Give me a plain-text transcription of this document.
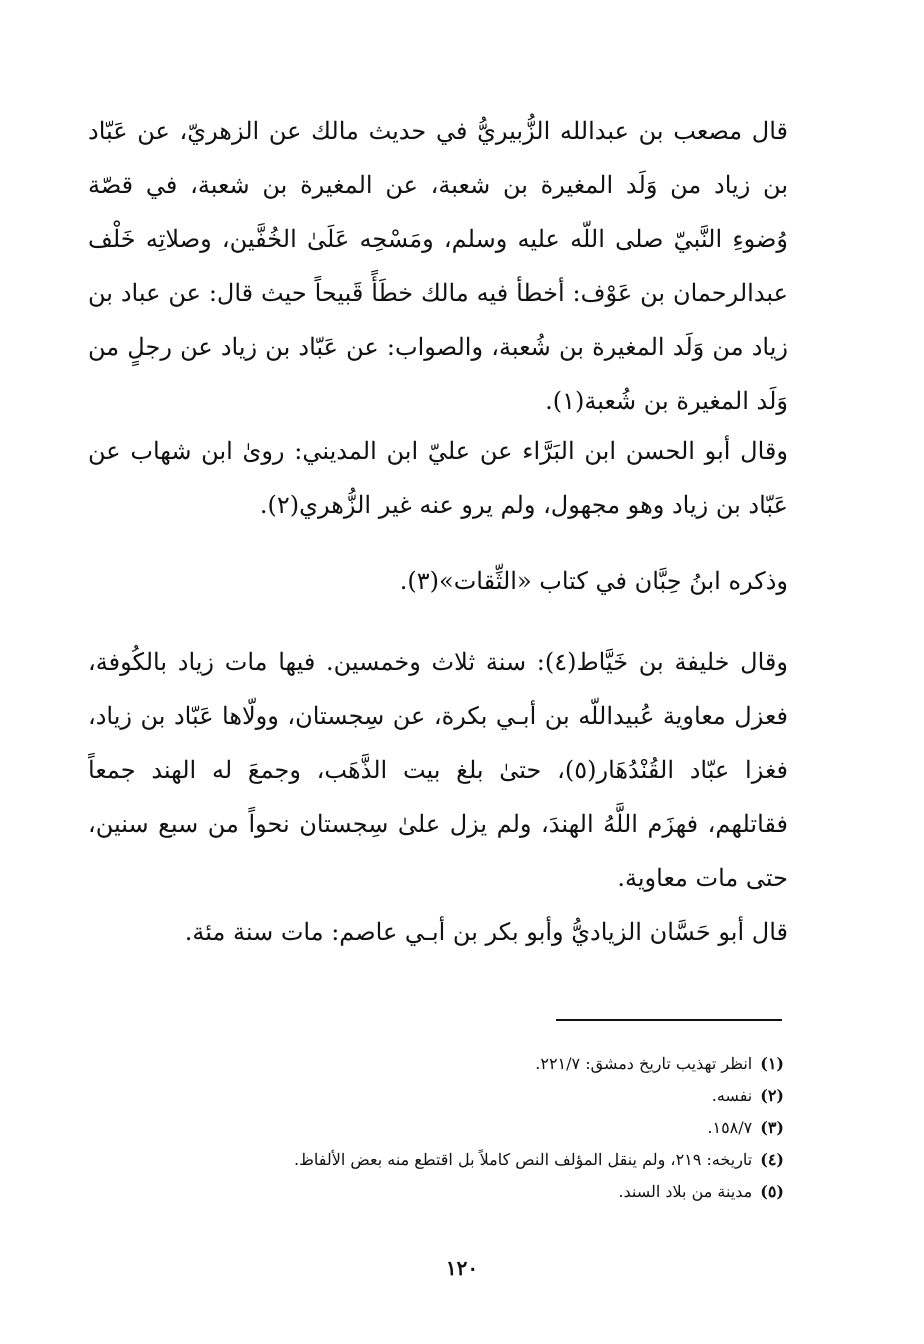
قال مصعب بن عبدالله الزُّبيريُّ في حديث مالك عن الزهريّ، عن عَبّاد بن زياد من وَلَد المغيرة بن شعبة، عن المغيرة بن شعبة، في قصّة وُضوءِ النَّبيّ صلى اللّه عليه وسلم، ومَسْحِه عَلَىٰ الخُفَّين، وصلاتِه خَلْف عبدالرحمان بن عَوْف: أخطأ فيه مالك خطَأً قَبيحاً حيث قال: عن عباد بن زياد من وَلَد المغيرة بن شُعبة، والصواب: عن عَبّاد بن زياد عن رجلٍ من وَلَد المغيرة بن شُعبة(١).

وقال أبو الحسن ابن البَرَّاء عن عليّ ابن المديني: روىٰ ابن شهاب عن عَبّاد بن زياد وهو مجهول، ولم يرو عنه غير الزُّهري(٢).

وذكره ابنُ حِبَّان في كتاب «الثِّقات»(٣).

وقال خليفة بن خَيَّاط(٤): سنة ثلاث وخمسين. فيها مات زياد بالكُوفة، فعزل معاوية عُبيداللّه بن أبـي بكرة، عن سِجستان، وولّاها عَبّاد بن زياد، فغزا عبّاد القُنْدُهَار(٥)، حتىٰ بلغ بيت الذَّهَب، وجمعَ له الهند جمعاً فقاتلهم، فهزَم اللَّهُ الهندَ، ولم يزل علىٰ سِجستان نحواً من سبع سنين، حتى مات معاوية.

قال أبو حَسَّان الزياديُّ وأبو بكر بن أبـي عاصم: مات سنة مئة.

(١)انظر تهذيب تاريخ دمشق: ٢٢١/٧.
(٢)نفسه.
(٣)١٥٨/٧.
(٤)تاريخه: ٢١٩، ولم ينقل المؤلف النص كاملاً بل اقتطع منه بعض الألفاظ.
(٥)مدينة من بلاد السند.
١٢٠
